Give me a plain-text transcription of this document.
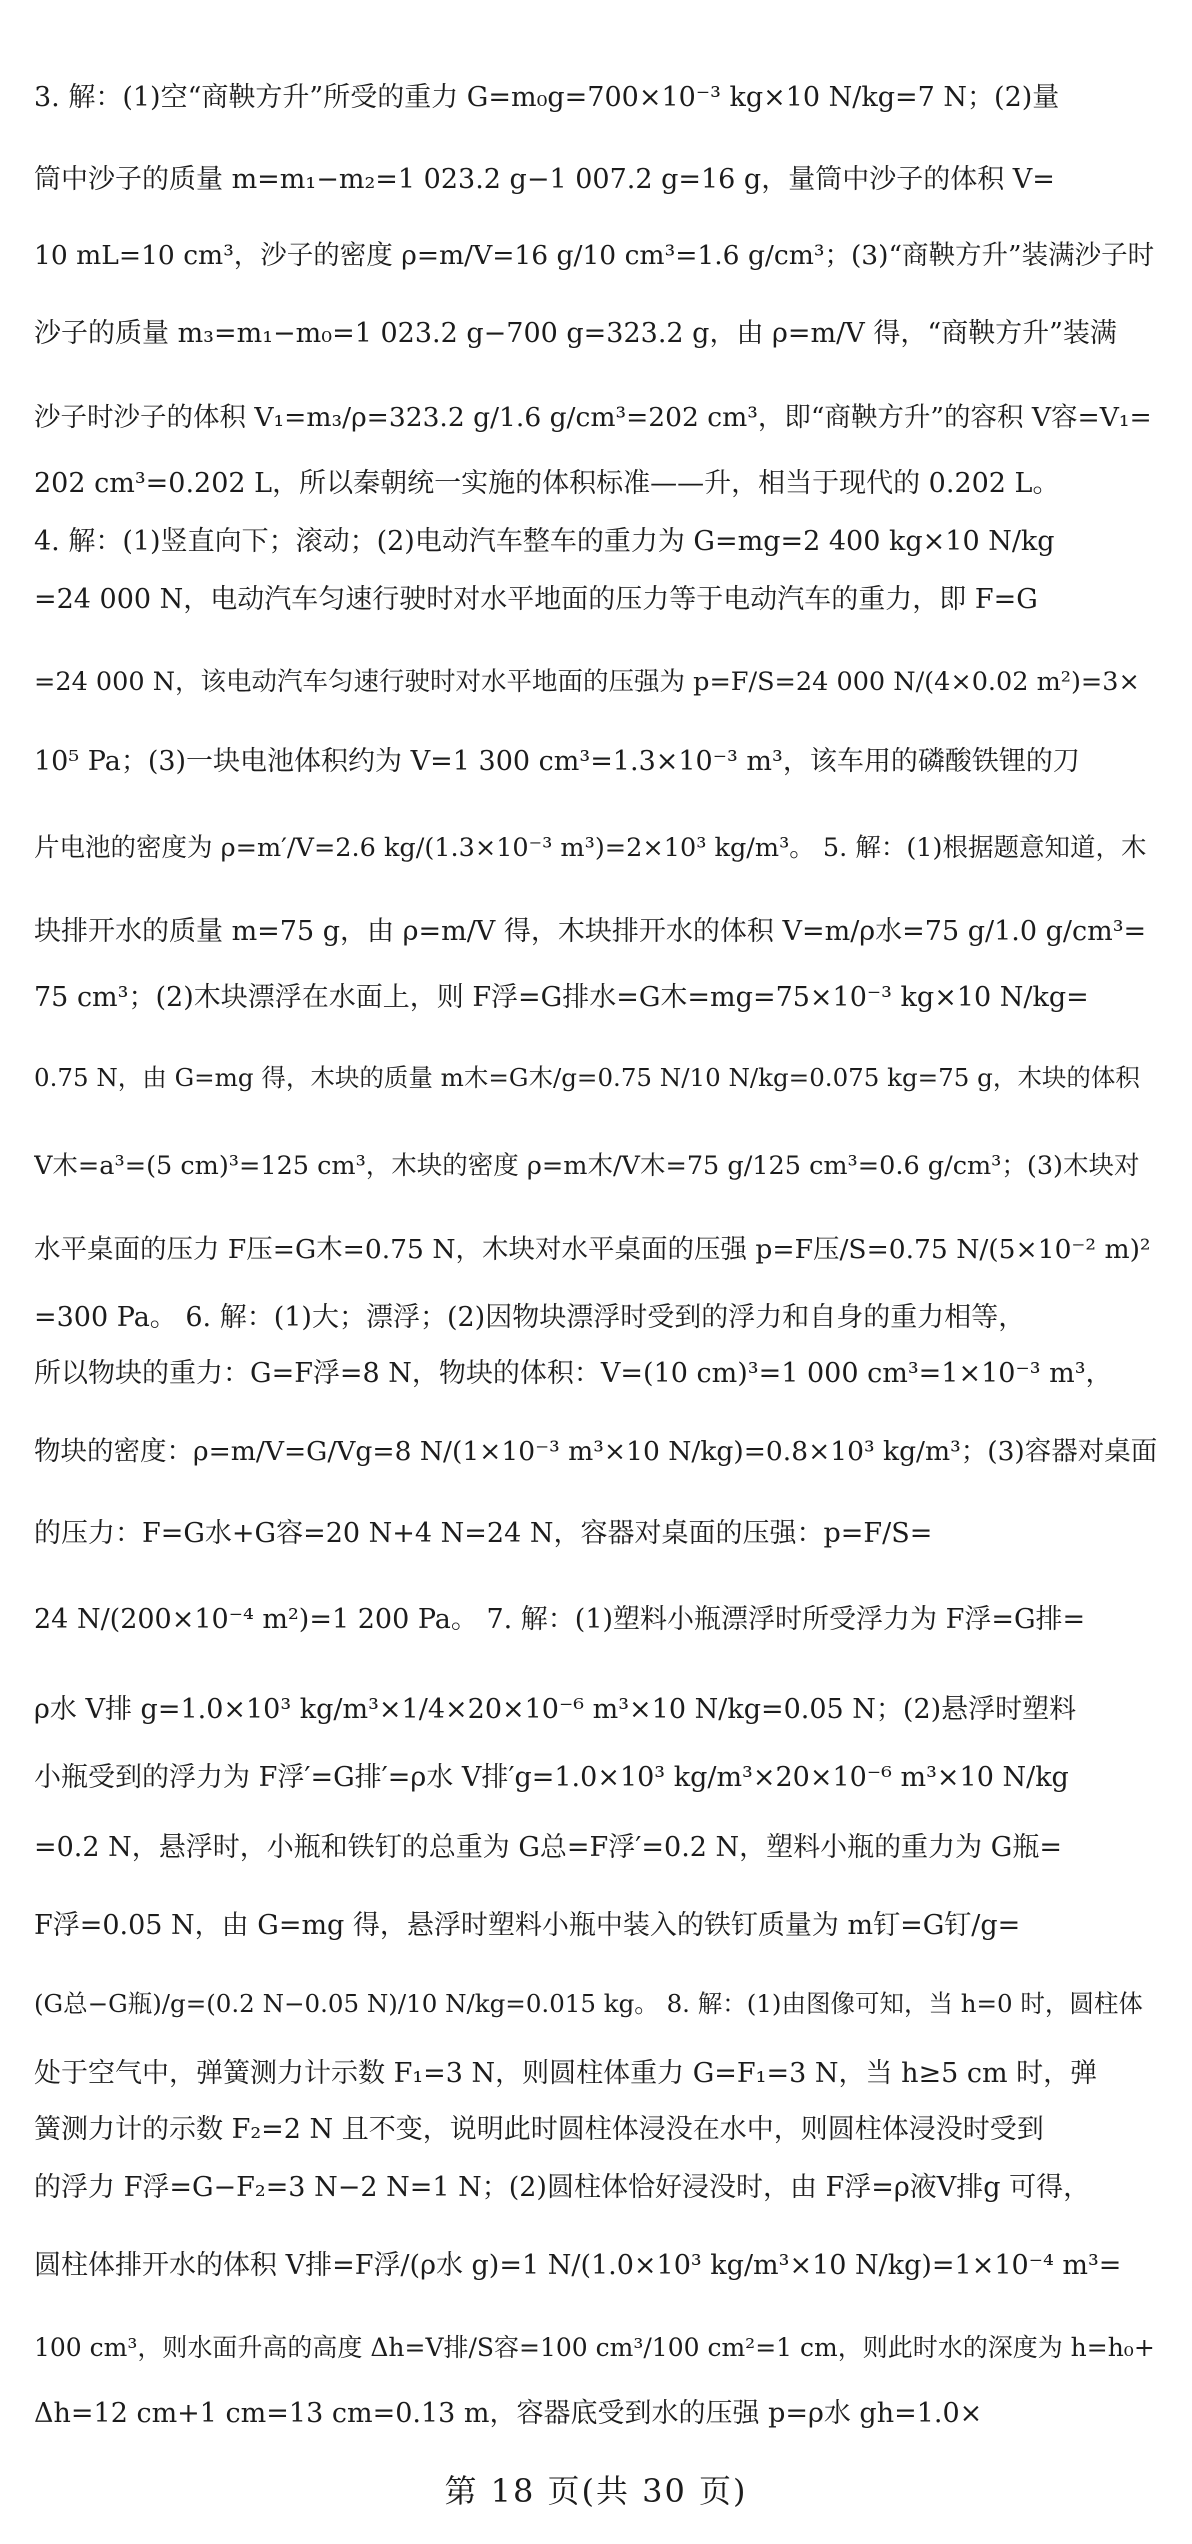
3. 解：(1)空“商鞅方升”所受的重力 G=m₀g=700×10⁻³ kg×10 N/kg=7 N；(2)量
筒中沙子的质量 m=m₁−m₂=1 023.2 g−1 007.2 g=16 g，量筒中沙子的体积 V=
10 mL=10 cm³，沙子的密度 ρ=m/V=16 g/10 cm³=1.6 g/cm³；(3)“商鞅方升”装满沙子时
沙子的质量 m₃=m₁−m₀=1 023.2 g−700 g=323.2 g，由 ρ=m/V 得，“商鞅方升”装满
沙子时沙子的体积 V₁=m₃/ρ=323.2 g/1.6 g/cm³=202 cm³，即“商鞅方升”的容积 V容=V₁=
202 cm³=0.202 L，所以秦朝统一实施的体积标准——升，相当于现代的 0.202 L。
4. 解：(1)竖直向下；滚动；(2)电动汽车整车的重力为 G=mg=2 400 kg×10 N/kg
=24 000 N，电动汽车匀速行驶时对水平地面的压力等于电动汽车的重力，即 F=G
=24 000 N，该电动汽车匀速行驶时对水平地面的压强为 p=F/S=24 000 N/(4×0.02 m²)=3×
10⁵ Pa；(3)一块电池体积约为 V=1 300 cm³=1.3×10⁻³ m³，该车用的磷酸铁锂的刀
片电池的密度为 ρ=m′/V=2.6 kg/(1.3×10⁻³ m³)=2×10³ kg/m³。 5. 解：(1)根据题意知道，木
块排开水的质量 m=75 g，由 ρ=m/V 得，木块排开水的体积 V=m/ρ水=75 g/1.0 g/cm³=
75 cm³；(2)木块漂浮在水面上，则 F浮=G排水=G木=mg=75×10⁻³ kg×10 N/kg=
0.75 N，由 G=mg 得，木块的质量 m木=G木/g=0.75 N/10 N/kg=0.075 kg=75 g，木块的体积
V木=a³=(5 cm)³=125 cm³，木块的密度 ρ=m木/V木=75 g/125 cm³=0.6 g/cm³；(3)木块对
水平桌面的压力 F压=G木=0.75 N，木块对水平桌面的压强 p=F压/S=0.75 N/(5×10⁻² m)²
=300 Pa。 6. 解：(1)大；漂浮；(2)因物块漂浮时受到的浮力和自身的重力相等，
所以物块的重力：G=F浮=8 N，物块的体积：V=(10 cm)³=1 000 cm³=1×10⁻³ m³，
物块的密度：ρ=m/V=G/Vg=8 N/(1×10⁻³ m³×10 N/kg)=0.8×10³ kg/m³；(3)容器对桌面
的压力：F=G水+G容=20 N+4 N=24 N，容器对桌面的压强：p=F/S=
24 N/(200×10⁻⁴ m²)=1 200 Pa。 7. 解：(1)塑料小瓶漂浮时所受浮力为 F浮=G排=
ρ水 V排 g=1.0×10³ kg/m³×1/4×20×10⁻⁶ m³×10 N/kg=0.05 N；(2)悬浮时塑料
小瓶受到的浮力为 F浮′=G排′=ρ水 V排′g=1.0×10³ kg/m³×20×10⁻⁶ m³×10 N/kg
=0.2 N，悬浮时，小瓶和铁钉的总重为 G总=F浮′=0.2 N，塑料小瓶的重力为 G瓶=
F浮=0.05 N，由 G=mg 得，悬浮时塑料小瓶中装入的铁钉质量为 m钉=G钉/g=
(G总−G瓶)/g=(0.2 N−0.05 N)/10 N/kg=0.015 kg。 8. 解：(1)由图像可知，当 h=0 时，圆柱体
处于空气中，弹簧测力计示数 F₁=3 N，则圆柱体重力 G=F₁=3 N，当 h≥5 cm 时，弹
簧测力计的示数 F₂=2 N 且不变，说明此时圆柱体浸没在水中，则圆柱体浸没时受到
的浮力 F浮=G−F₂=3 N−2 N=1 N；(2)圆柱体恰好浸没时，由 F浮=ρ液V排g 可得，
圆柱体排开水的体积 V排=F浮/(ρ水 g)=1 N/(1.0×10³ kg/m³×10 N/kg)=1×10⁻⁴ m³=
100 cm³，则水面升高的高度 Δh=V排/S容=100 cm³/100 cm²=1 cm，则此时水的深度为 h=h₀+
Δh=12 cm+1 cm=13 cm=0.13 m，容器底受到水的压强 p=ρ水 gh=1.0×
第 18 页(共 30 页)
